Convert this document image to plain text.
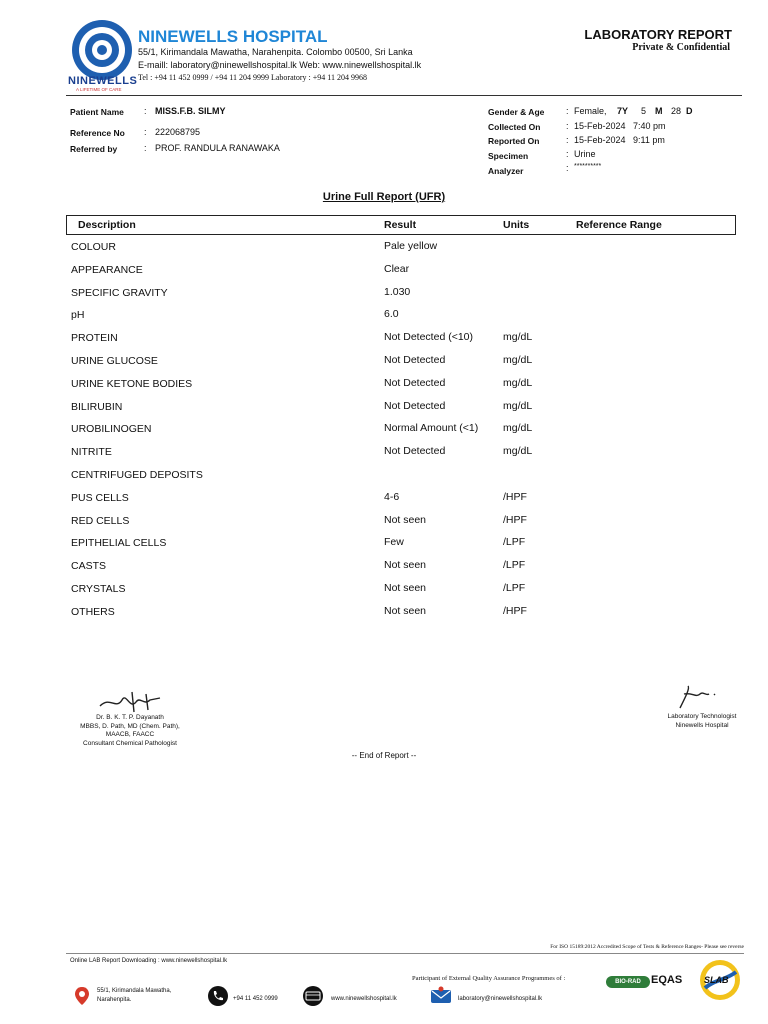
NINEWELLS
A LIFETIME OF CARE
NINEWELLS HOSPITAL
55/1, Kirimandala Mawatha, Narahenpita. Colombo 00500, Sri Lanka
E-maill: laboratory@ninewellshospital.lk Web: www.ninewellshospital.lk
Tel : +94 11 452 0999 / +94 11 204 9999 Laboratory : +94 11 204 9968
LABORATORY REPORT
Private & Confidential
Patient Name : MISS.F.B. SILMY
Reference No : 222068795
Referred by	: PROF. RANDULA RANAWAKA
Gender & Age : Female, 7Y 5 M 28 D
Collected On	: 15-Feb-2024   7:40 pm
Reported On	: 15-Feb-2024   9:11 pm
Specimen	: Urine
Analyzer	: **********
Urine Full Report (UFR)
Description	Result	Units	Reference Range
COLOUR	Pale yellow
APPEARANCE	Clear
SPECIFIC GRAVITY	1.030
pH	6.0
PROTEIN	Not Detected (<10)	mg/dL
URINE GLUCOSE	Not Detected	mg/dL
URINE KETONE BODIES	Not Detected	mg/dL
BILIRUBIN	Not Detected	mg/dL
UROBILINOGEN	Normal Amount (<1) mg/dL
NITRITE	Not Detected	mg/dL
CENTRIFUGED DEPOSITS
PUS CELLS	4-6	/HPF
RED CELLS	Not seen	/HPF
EPITHELIAL CELLS	Few	/LPF
CASTS	Not seen	/LPF
CRYSTALS	Not seen	/LPF
OTHERS	Not seen	/HPF
Dr. B. K. T. P. Dayanath
MBBS, D. Path, MD (Chem. Path),
MAACB, FAACC
Consultant Chemical Pathologist
Laboratory Technologist
Ninewells Hospital
-- End of Report --
For ISO 15189:2012 Accredited Scope of Tests & Reference Ranges- Please see reverse
Online LAB Report Downloading : www.ninewellshospital.lk
Participant of External Quality Assurance Programmes of :
55/1, Kirimandala Mawatha,
Narahenpita.	+94 11 452 0999	www.ninewellshospital.lk	laboratory@ninewellshospital.lk
BIO-RAD EQAS SLAB
